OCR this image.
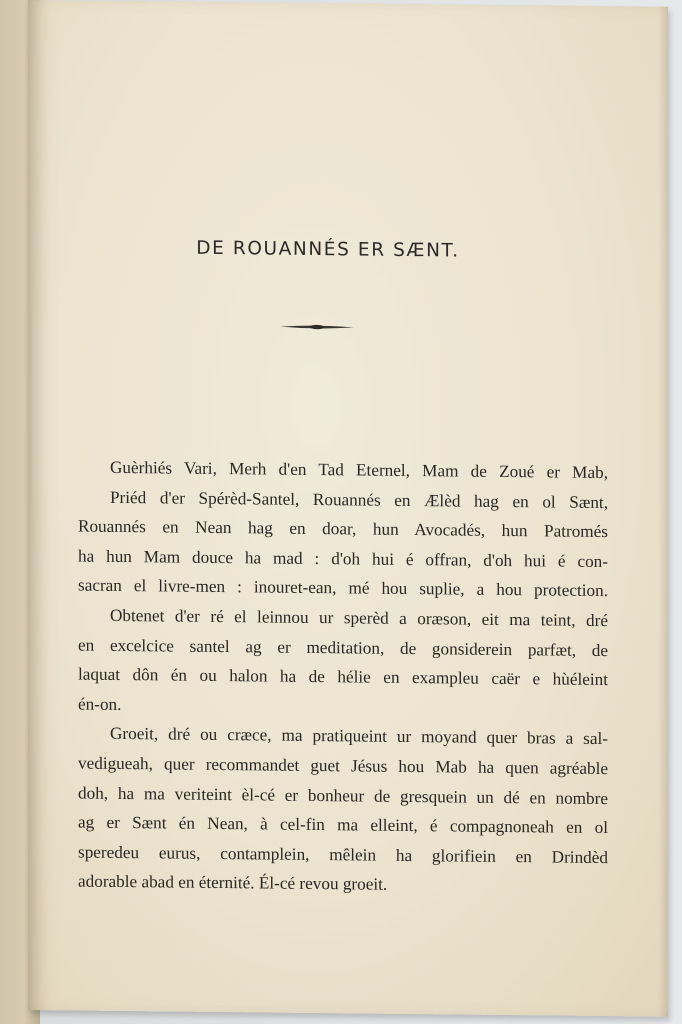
DE ROUANNÉS ER SÆNT.
Guèrhiés Vari, Merh d'en Tad Eternel, Mam de Zoué er Mab,
Priéd d'er Spérèd-Santel, Rouannés en Ælèd hag en ol Sænt,
Rouannés en Nean hag en doar, hun Avocadés, hun Patromés
ha hun Mam douce ha mad : d'oh hui é offran, d'oh hui é con-
sacran el livre-men : inouret-ean, mé hou suplie, a hou protection.
Obtenet d'er ré el leinnou ur sperèd a oræson, eit ma teint, dré
en excelcice santel ag er meditation, de gonsiderein parfæt, de
laquat dôn én ou halon ha de hélie en exampleu caër e hùéleint
én-on.
Groeit, dré ou cræce, ma pratiqueint ur moyand quer bras a sal-
vedigueah, quer recommandet guet Jésus hou Mab ha quen agréable
doh, ha ma veriteint èl-cé er bonheur de gresquein un dé en nombre
ag er Sænt én Nean, à cel-fin ma elleint, é compagnoneah en ol
speredeu eurus, contamplein, mêlein ha glorifiein en Drindèd
adorable abad en éternité. Él-cé revou groeit.
